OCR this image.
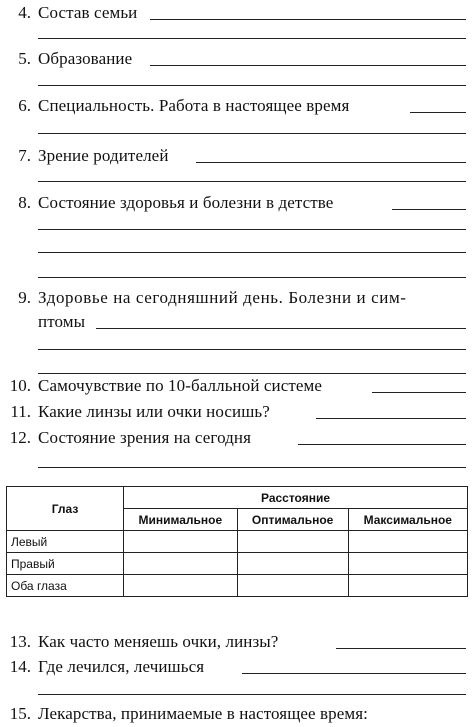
4. Состав семьи
5. Образование
6. Специальность. Работа в настоящее время
7. Зрение родителей
8. Состояние здоровья и болезни в детстве
9. Здоровье на сегодняшний день. Болезни и сим-
птомы
10. Самочувствие по 10-балльной системе
11. Какие линзы или очки носишь?
12. Состояние зрения на сегодня
Глаз	Расстояние		
	Минимальное	Оптимальное	Максимальное
Левый			
Правый			
Оба глаза			
13. Как часто меняешь очки, линзы?
14. Где лечился, лечишься
15. Лекарства, принимаемые в настоящее время:
